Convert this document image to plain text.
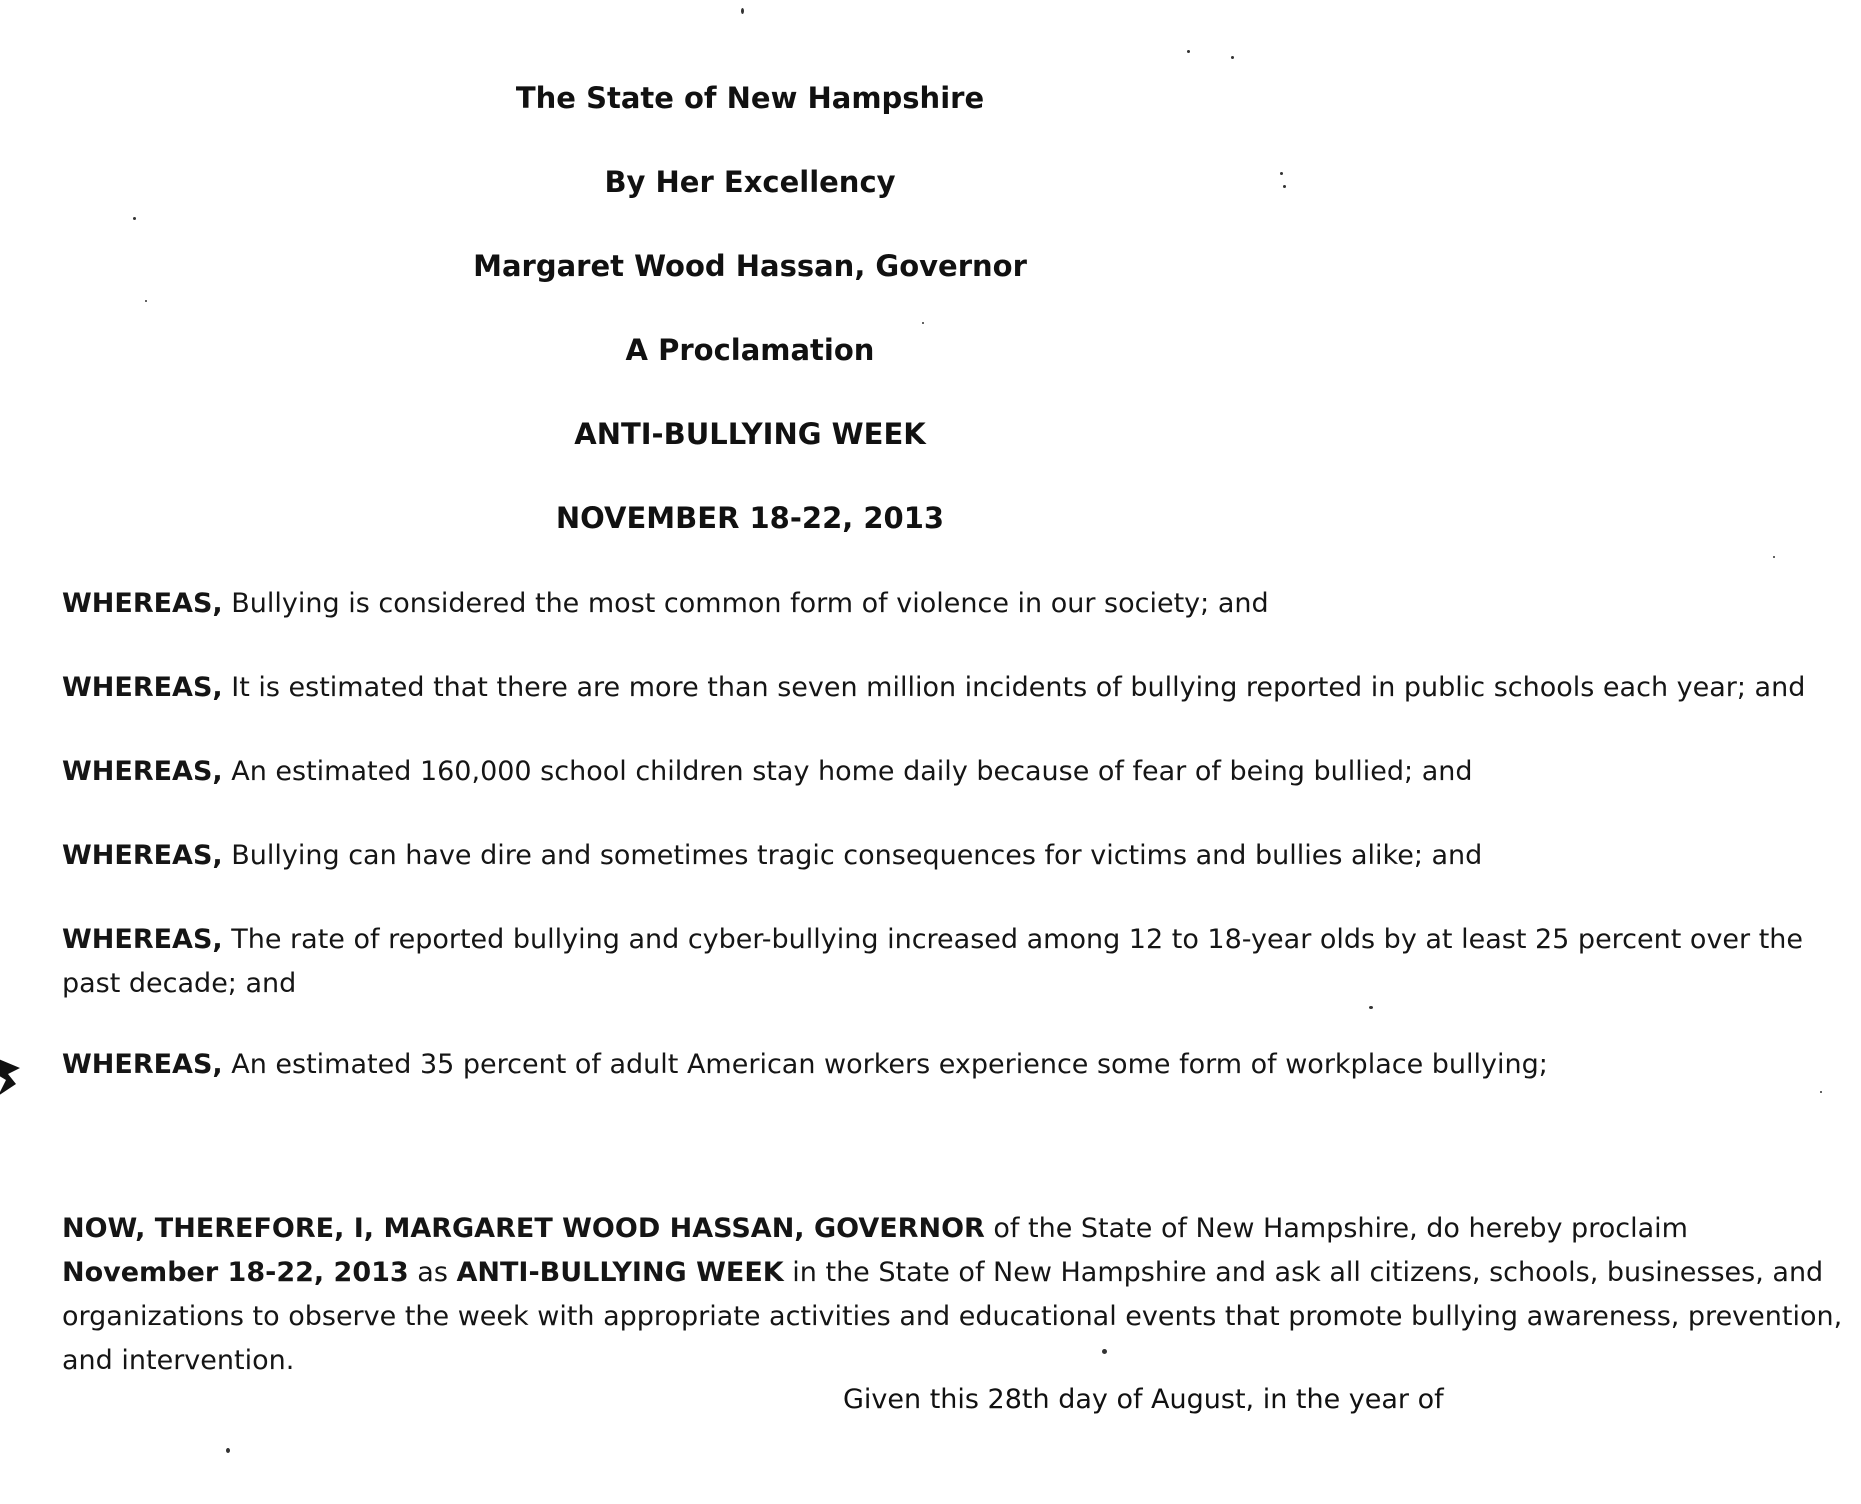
The State of New Hampshire
By Her Excellency
Margaret Wood Hassan, Governor
A Proclamation
ANTI-BULLYING WEEK
NOVEMBER 18-22, 2013
WHEREAS, Bullying is considered the most common form of violence in our society; and
WHEREAS, It is estimated that there are more than seven million incidents of bullying reported in public schools each year; and
WHEREAS, An estimated 160,000 school children stay home daily because of fear of being bullied; and
WHEREAS, Bullying can have dire and sometimes tragic consequences for victims and bullies alike; and
WHEREAS, The rate of reported bullying and cyber-bullying increased among 12 to 18-year olds by at least 25 percent over the past decade; and
WHEREAS, An estimated 35 percent of adult American workers experience some form of workplace bullying;
NOW, THEREFORE, I, MARGARET WOOD HASSAN, GOVERNOR of the State of New Hampshire, do hereby proclaim November 18-22, 2013 as ANTI-BULLYING WEEK in the State of New Hampshire and ask all citizens, schools, businesses, and organizations to observe the week with appropriate activities and educational events that promote bullying awareness, prevention, and intervention.
Given this 28th day of August, in the year of
